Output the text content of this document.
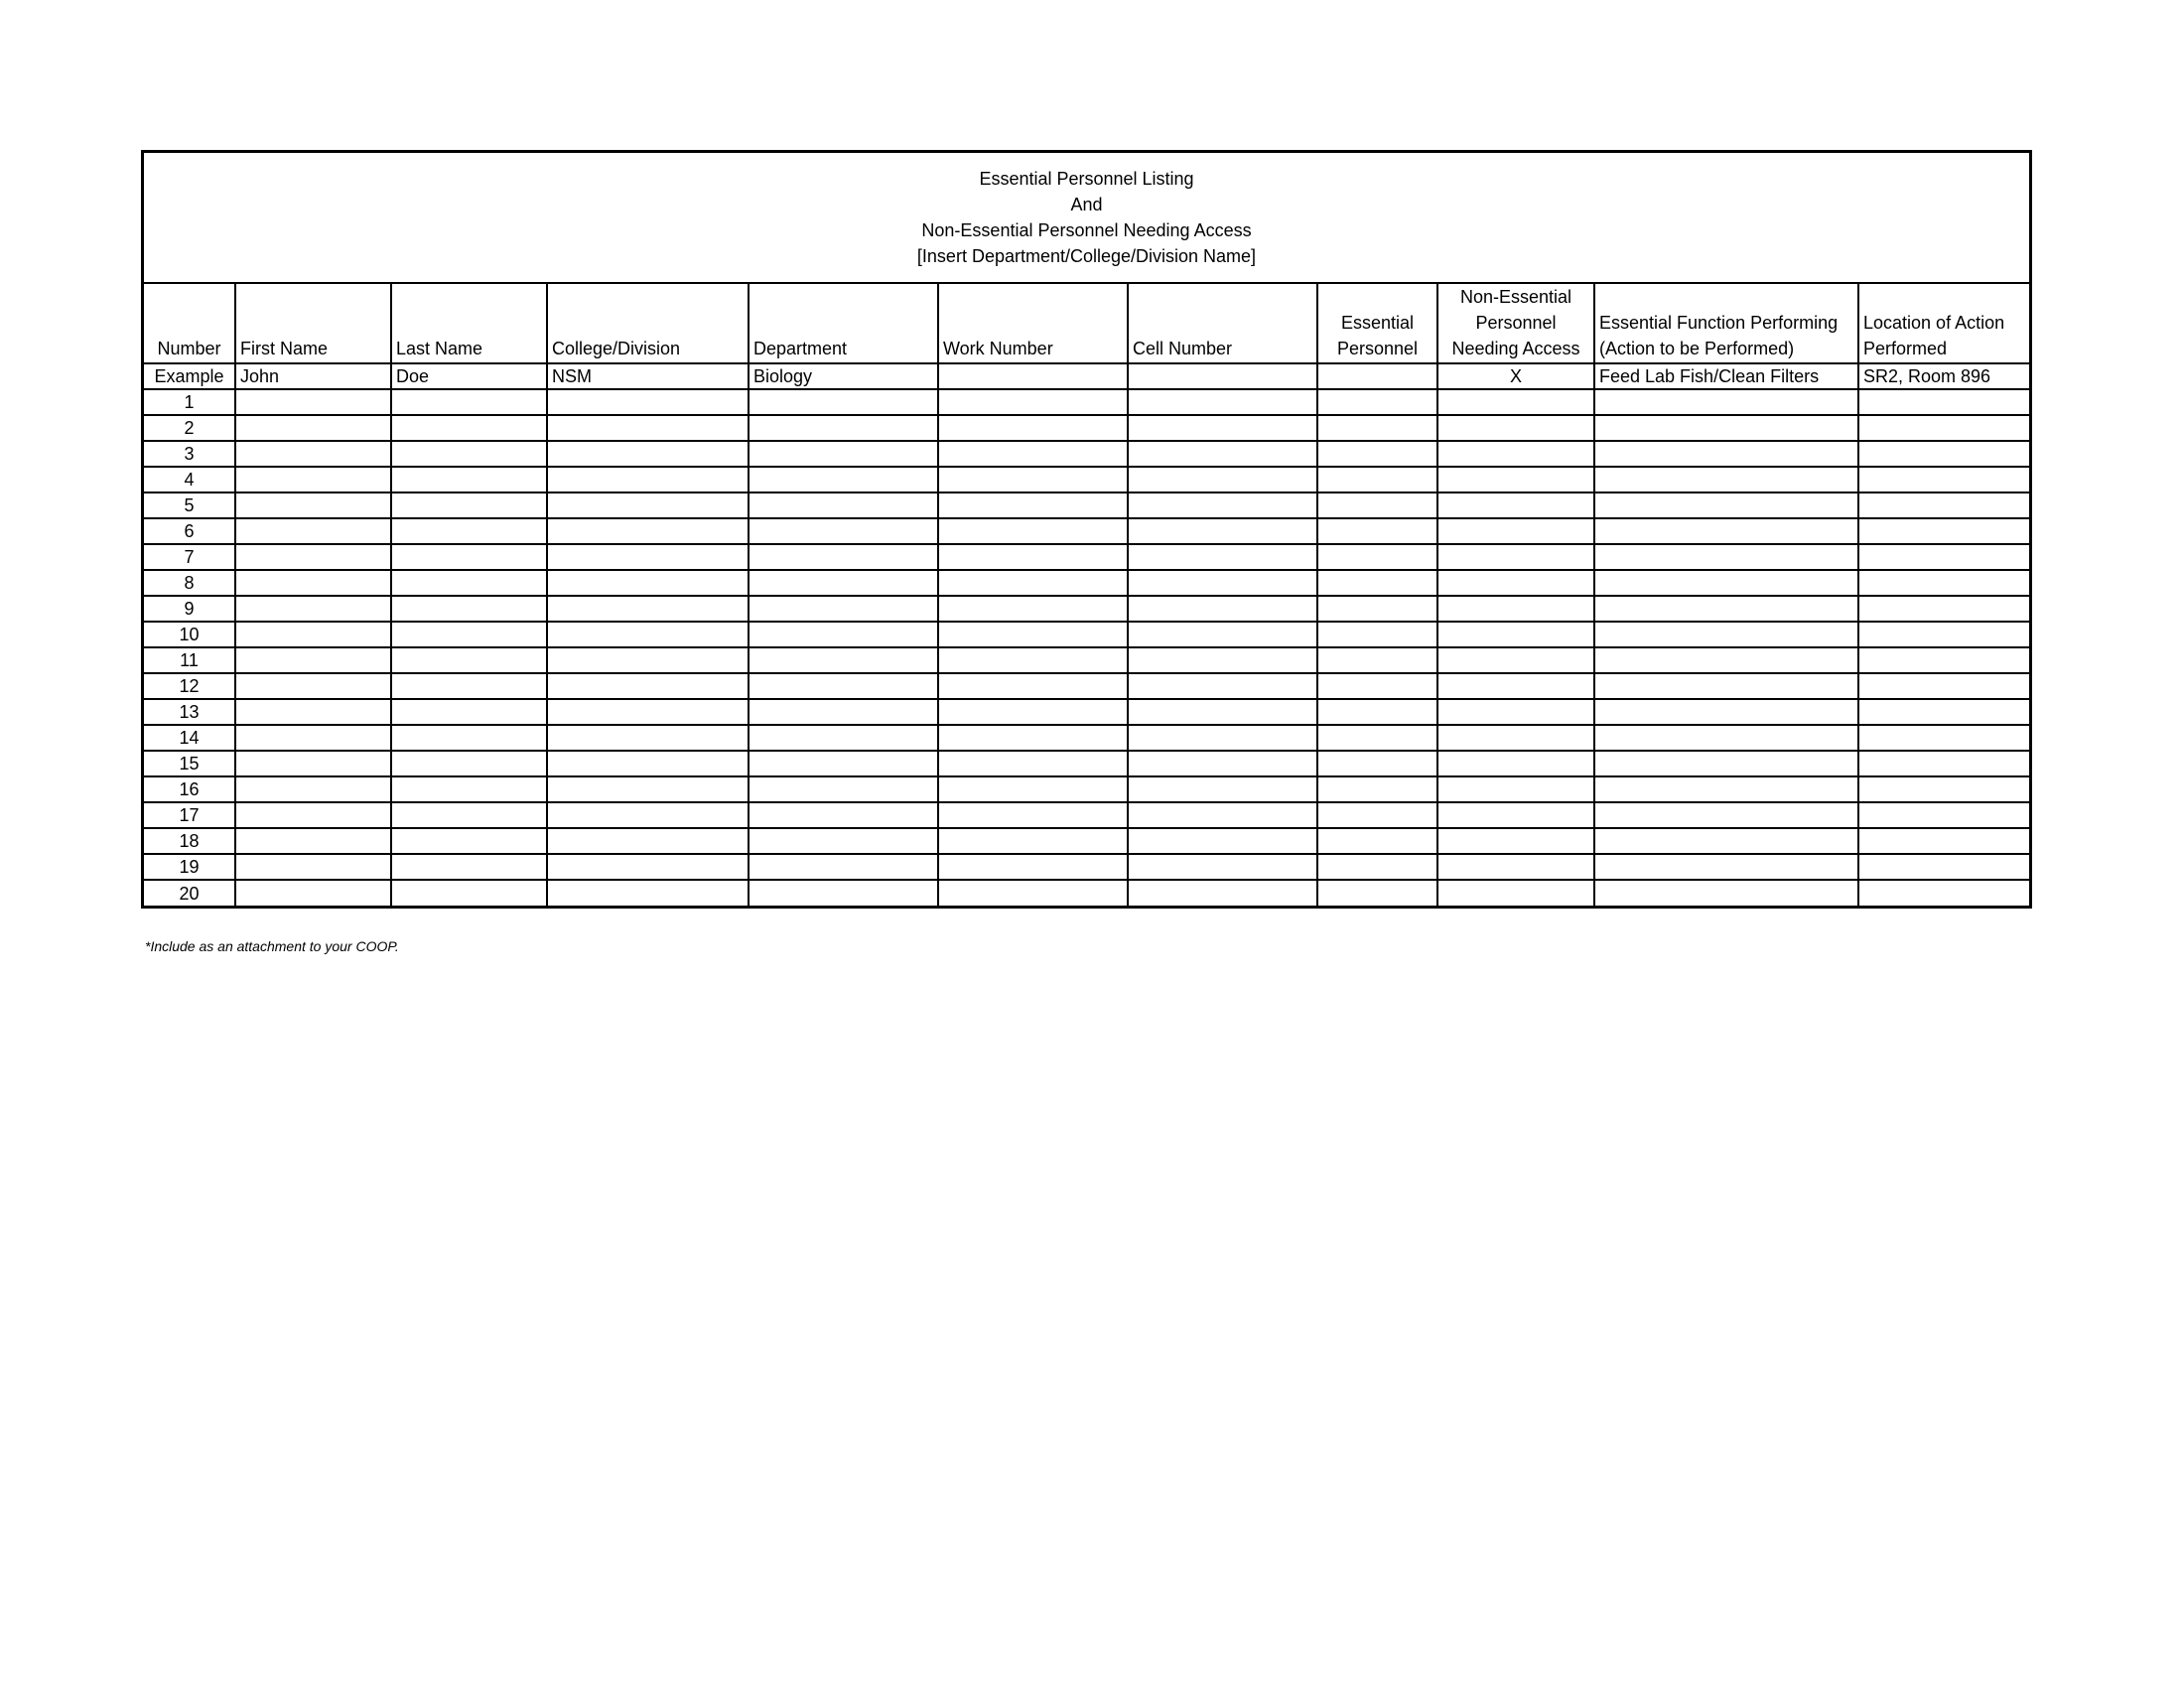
Essential Personnel Listing
And
Non-Essential Personnel Needing Access
[Insert Department/College/Division Name]
Number	First Name	Last Name	College/Division	Department	Work Number	Cell Number	Essential Personnel	Non-Essential Personnel Needing Access	Essential Function Performing (Action to be Performed)	Location of Action Performed
Example	John	Doe	NSM	Biology				X	Feed Lab Fish/Clean Filters	SR2, Room 896
1										
2										
3										
4										
5										
6										
7										
8										
9										
10										
11										
12										
13										
14										
15										
16										
17										
18										
19										
20										
*Include as an attachment to your COOP.
